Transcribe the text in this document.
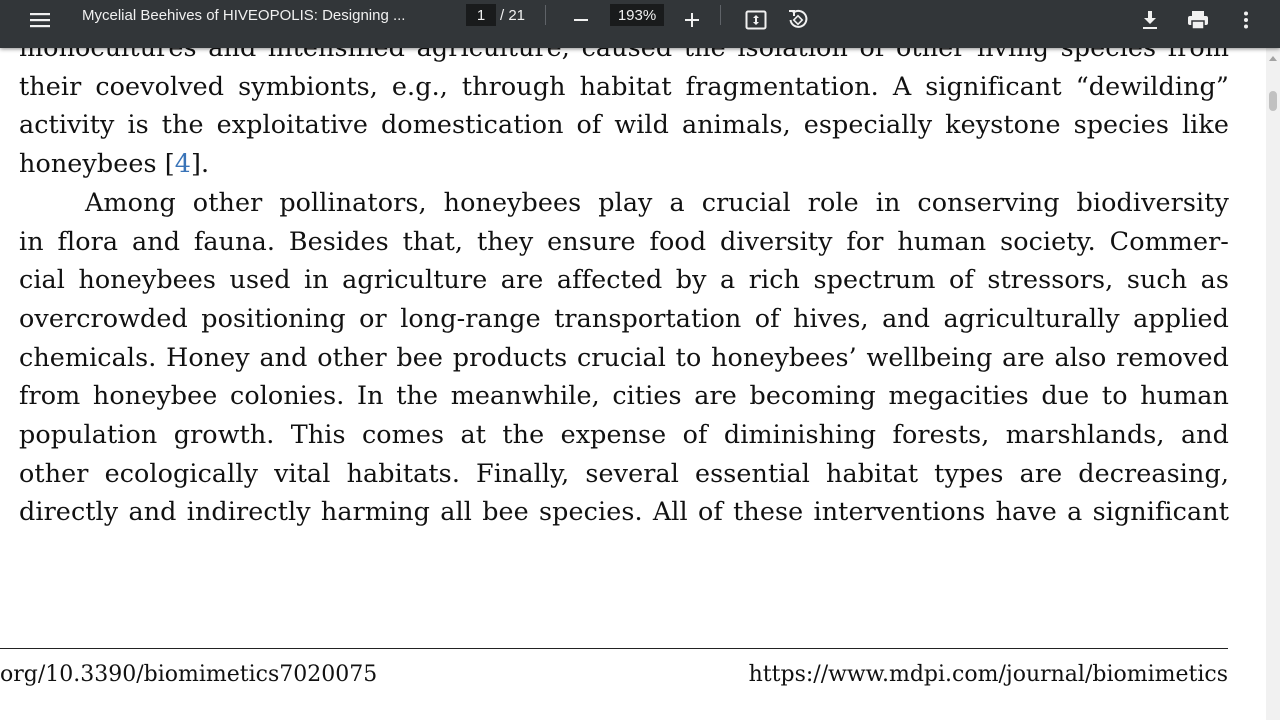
Mycelial Beehives of HIVEOPOLIS: Designing ...
1	/ 21
193%
their coevolved symbionts, e.g., through habitat fragmentation. A significant “dewilding”
activity is the exploitative domestication of wild animals, especially keystone species like
honeybees [4].
Among other pollinators, honeybees play a crucial role in conserving biodiversity
in flora and fauna. Besides that, they ensure food diversity for human society. Commer-
cial honeybees used in agriculture are affected by a rich spectrum of stressors, such as
overcrowded positioning or long-range transportation of hives, and agriculturally applied
chemicals. Honey and other bee products crucial to honeybees’ wellbeing are also removed
from honeybee colonies. In the meanwhile, cities are becoming megacities due to human
population growth. This comes at the expense of diminishing forests, marshlands, and
other ecologically vital habitats. Finally, several essential habitat types are decreasing,
directly and indirectly harming all bee species. All of these interventions have a significant
org/10.3390/biomimetics7020075	https://www.mdpi.com/journal/biomimetics
